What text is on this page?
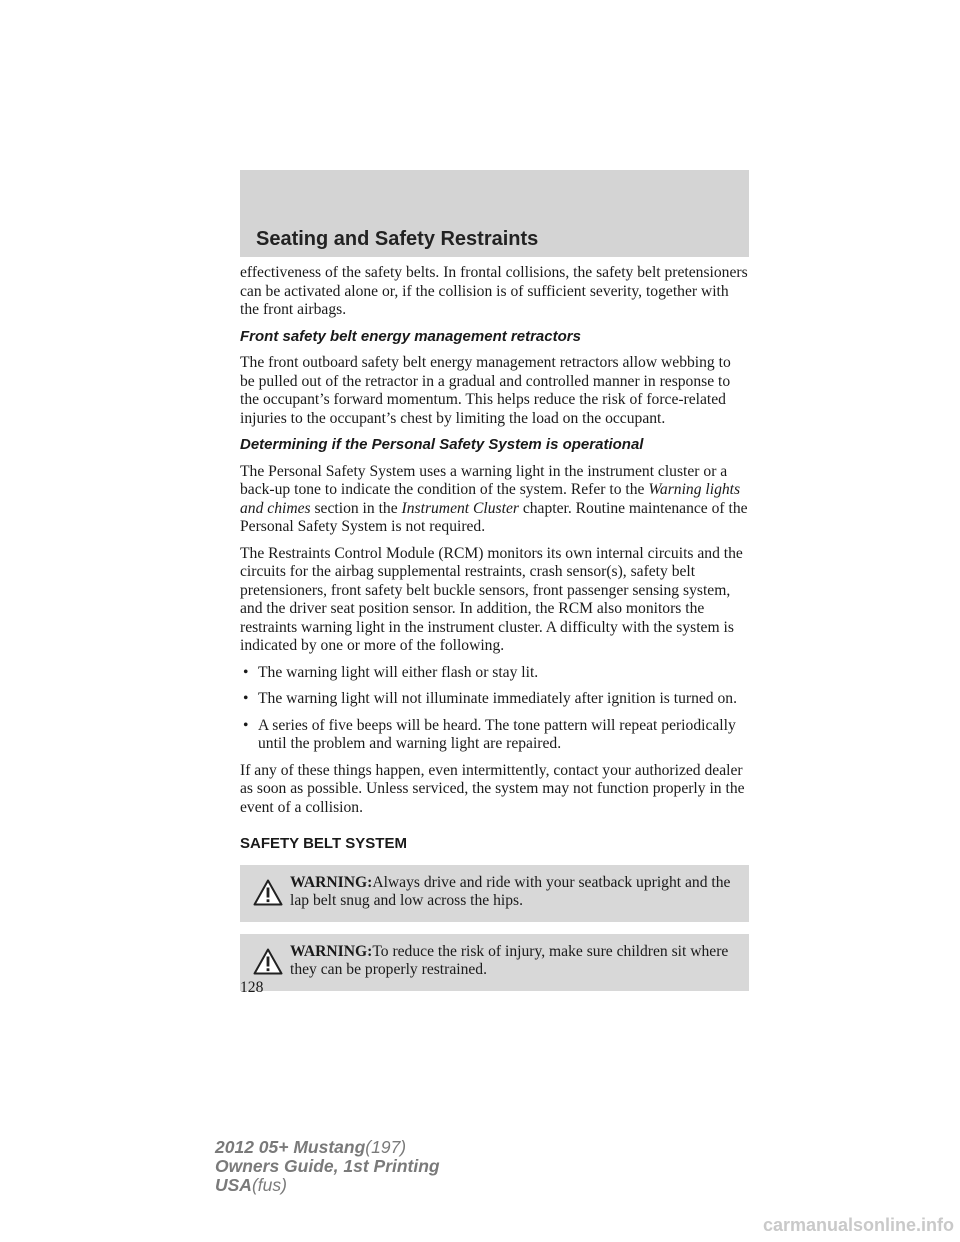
Seating and Safety Restraints

effectiveness of the safety belts. In frontal collisions, the safety belt pretensioners can be activated alone or, if the collision is of sufficient severity, together with the front airbags.

Front safety belt energy management retractors

The front outboard safety belt energy management retractors allow webbing to be pulled out of the retractor in a gradual and controlled manner in response to the occupant’s forward momentum. This helps reduce the risk of force-related injuries to the occupant’s chest by limiting the load on the occupant.

Determining if the Personal Safety System is operational

The Personal Safety System uses a warning light in the instrument cluster or a back-up tone to indicate the condition of the system. Refer to the Warning lights and chimes section in the Instrument Cluster chapter. Routine maintenance of the Personal Safety System is not required.

The Restraints Control Module (RCM) monitors its own internal circuits and the circuits for the airbag supplemental restraints, crash sensor(s), safety belt pretensioners, front safety belt buckle sensors, front passenger sensing system, and the driver seat position sensor. In addition, the RCM also monitors the restraints warning light in the instrument cluster. A difficulty with the system is indicated by one or more of the following.

• The warning light will either flash or stay lit.
• The warning light will not illuminate immediately after ignition is turned on.
• A series of five beeps will be heard. The tone pattern will repeat periodically until the problem and warning light are repaired.

If any of these things happen, even intermittently, contact your authorized dealer as soon as possible. Unless serviced, the system may not function properly in the event of a collision.

SAFETY BELT SYSTEM
WARNING:Always drive and ride with your seatback upright and the lap belt snug and low across the hips.
WARNING:To reduce the risk of injury, make sure children sit where they can be properly restrained.
128
2012 05+ Mustang(197)
Owners Guide, 1st Printing
USA(fus)
carmanualsonline.info
